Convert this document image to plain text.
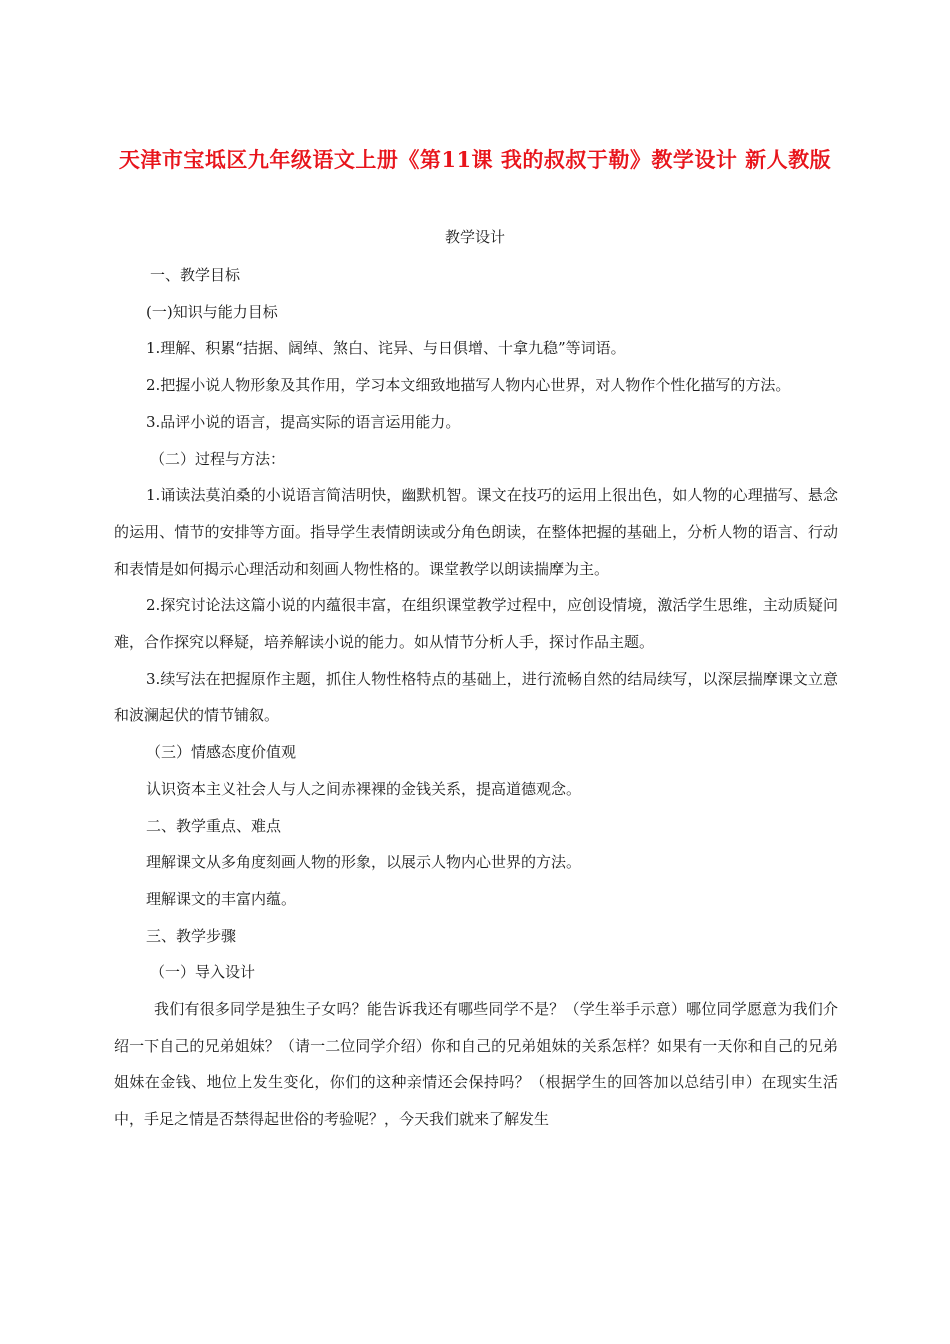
天津市宝坻区九年级语文上册《第11课 我的叔叔于勒》教学设计 新人教版
教学设计

一、教学目标

(一)知识与能力目标

1.理解、积累“拮据、阔绰、煞白、诧异、与日俱增、十拿九稳”等词语。

2.把握小说人物形象及其作用，学习本文细致地描写人物内心世界，对人物作个性化描写的方法。

3.品评小说的语言，提高实际的语言运用能力。

（二）过程与方法：

1.诵读法莫泊桑的小说语言简洁明快，幽默机智。课文在技巧的运用上很出色，如人物的心理描写、悬念的运用、情节的安排等方面。指导学生表情朗读或分角色朗读，在整体把握的基础上，分析人物的语言、行动和表情是如何揭示心理活动和刻画人物性格的。课堂教学以朗读揣摩为主。

2.探究讨论法这篇小说的内蕴很丰富，在组织课堂教学过程中，应创设情境，激活学生思维，主动质疑问难，合作探究以释疑，培养解读小说的能力。如从情节分析人手，探讨作品主题。

3.续写法在把握原作主题，抓住人物性格特点的基础上，进行流畅自然的结局续写，以深层揣摩课文立意和波澜起伏的情节铺叙。

（三）情感态度价值观

认识资本主义社会人与人之间赤裸裸的金钱关系，提高道德观念。

二、教学重点、难点

理解课文从多角度刻画人物的形象，以展示人物内心世界的方法。

理解课文的丰富内蕴。

三、教学步骤

（一）导入设计

我们有很多同学是独生子女吗？能告诉我还有哪些同学不是？（学生举手示意）哪位同学愿意为我们介绍一下自己的兄弟姐妹？（请一二位同学介绍）你和自己的兄弟姐妹的关系怎样？如果有一天你和自己的兄弟姐妹在金钱、地位上发生变化，你们的这种亲情还会保持吗？（根据学生的回答加以总结引申）在现实生活中，手足之情是否禁得起世俗的考验呢？，今天我们就来了解发生
